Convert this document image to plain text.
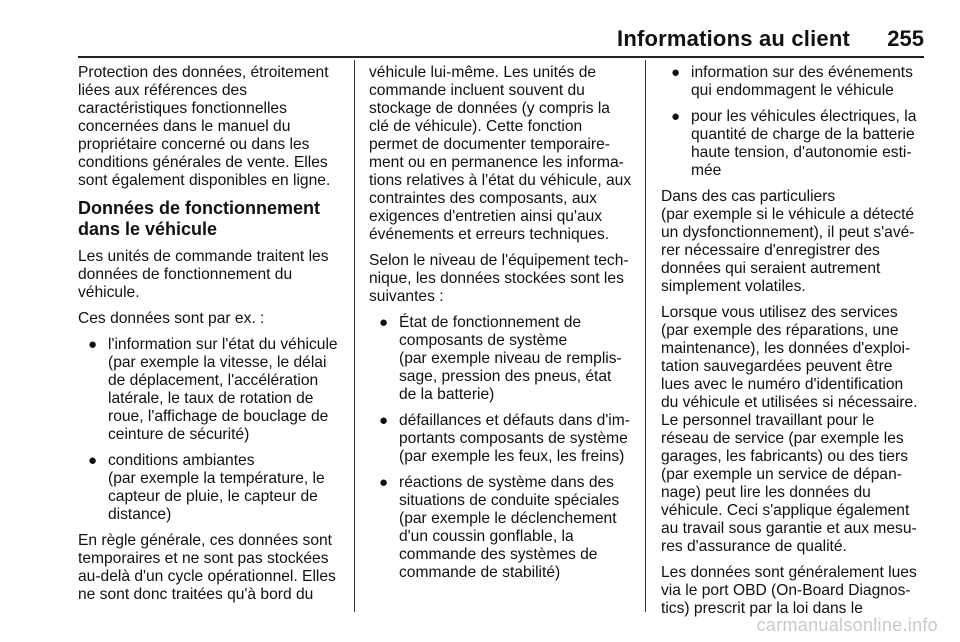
Informations au client 255

Protection des données, étroitement
liées aux références des
caractéristiques fonctionnelles
concernées dans le manuel du
propriétaire concerné ou dans les
conditions générales de vente. Elles
sont également disponibles en ligne.

Données de fonctionnement dans le véhicule

Les unités de commande traitent les
données de fonctionnement du
véhicule.

Ces données sont par ex. :

● l'information sur l'état du véhicule
(par exemple la vitesse, le délai
de déplacement, l'accélération
latérale, le taux de rotation de
roue, l'affichage de bouclage de
ceinture de sécurité)
● conditions ambiantes
(par exemple la température, le
capteur de pluie, le capteur de
distance)

En règle générale, ces données sont
temporaires et ne sont pas stockées
au-delà d'un cycle opérationnel. Elles
ne sont donc traitées qu'à bord du

véhicule lui-même. Les unités de
commande incluent souvent du
stockage de données (y compris la
clé de véhicule). Cette fonction
permet de documenter temporaire-
ment ou en permanence les informa-
tions relatives à l'état du véhicule, aux
contraintes des composants, aux
exigences d'entretien ainsi qu'aux
événements et erreurs techniques.

Selon le niveau de l'équipement tech-
nique, les données stockées sont les
suivantes :

● État de fonctionnement de
composants de système
(par exemple niveau de remplis-
sage, pression des pneus, état
de la batterie)
● défaillances et défauts dans d'im-
portants composants de système
(par exemple les feux, les freins)
● réactions de système dans des
situations de conduite spéciales
(par exemple le déclenchement
d'un coussin gonflable, la
commande des systèmes de
commande de stabilité)
● information sur des événements
qui endommagent le véhicule
● pour les véhicules électriques, la
quantité de charge de la batterie
haute tension, d'autonomie esti-
mée

Dans des cas particuliers
(par exemple si le véhicule a détecté
un dysfonctionnement), il peut s'avé-
rer nécessaire d'enregistrer des
données qui seraient autrement
simplement volatiles.

Lorsque vous utilisez des services
(par exemple des réparations, une
maintenance), les données d'exploi-
tation sauvegardées peuvent être
lues avec le numéro d'identification
du véhicule et utilisées si nécessaire.
Le personnel travaillant pour le
réseau de service (par exemple les
garages, les fabricants) ou des tiers
(par exemple un service de dépan-
nage) peut lire les données du
véhicule. Ceci s'applique également
au travail sous garantie et aux mesu-
res d'assurance de qualité.

Les données sont généralement lues
via le port OBD (On-Board Diagnos-
tics) prescrit par la loi dans le

carmanualsonline.info
